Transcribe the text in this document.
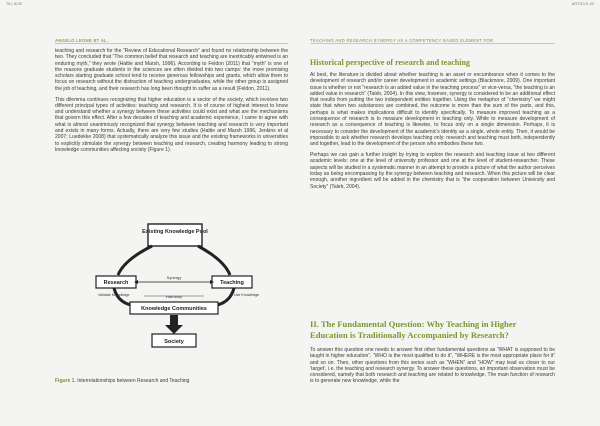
78 | IEJE	ARTICLE #2
ANGELO LEONE ET AL.	TEACHING AND RESEARCH SYNERGY AS A COMPETENCY BASED ELEMENT FOR

teaching and research for the “Review of Educational Research” and found no relationship between the two. They concluded that “The common belief that research and teaching are inextricably entwined is an enduring myth,” they wrote (Hattie and Marsh, 1996). According to Feldon (2011) that “myth” is one of the reasons graduate students in the sciences are often divided into two camps: the more promising scholars starting graduate school tend to receive generous fellowships and grants, which allow them to focus on research without the distraction of teaching undergraduates, while the other group is assigned the job of teaching, and their research has long been thought to suffer as a result (Feldon, 2011).

This dilemma continues recognizing that higher education is a sector of the society, which involves two different principal types of activities: teaching and research. It is of course of highest interest to know and understand whether a synergy between these activities could exist and what are the mechanisms that govern this effect. After a few decades of teaching and academic experience, I came to agree with what is almost unanimously recognized that synergy between teaching and research is very important and exists in many forms. Actually, there are very few studies (Hattie and Marsh 1996, Jenkins et al 2007; Luedekke 2008) that systematically analyze this issue and the existing frameworks in universities to explicitly stimulate the synergy between teaching and research, creating harmony leading to strong knowledge communities affecting society (Figure 1).

Existing Knowledge Pool
Research	Teaching
Synergy
Validate Knowledge	Use Knowledge
Harmony
Knowledge Communities
Society
Figure 1. Interrelationships between Research and Teaching
Historical perspective of research and teaching

At best, the literature is divided about whether teaching is an asset or encumbrance when it comes to the development of research and/or career development in academic settings (Blackmore, 2009). One important issue is whether or not “research is an added value in the teaching process” or vice-versa, “the teaching is an added value in research” (Taleb, 2004). In this view, however, synergy is considered to be an additional effect that results from putting the two independent entities together. Using the metaphor of “chemistry” we might state that when two substances are combined, the outcome is more than the sum of the parts, and this, perhaps is what makes implications difficult to identify specifically. To measure improved teaching as a consequence of research is to measure development in teaching only. While to measure development of research as a consequence of teaching is likewise, to focus only on a single dimension. Perhaps, it is necessary to consider the development of the academic’s identity as a single, whole entity. Then, it would be impossible to ask whether research develops teaching only: research and teaching must both, independently and together, lead to the development of the person who embodies these two.

Perhaps we can gain a further insight by trying to explore the research and teaching issue at two different academic levels: one at the level of university professor and one at the level of student-researcher. These aspects will be studied in a systematic manner in an attempt to provide a picture of what the author perceives today as being encompassing by the synergy between teaching and research. When this picture will be clear enough, another ingredient will be added in the chemistry that is “the cooperation between University and Society” (Taleb, 2004).

II. The Fundamental Question: Why Teaching in Higher Education is Traditionally Accompanied by Research?

To answer this question one needs to answer first other fundamental questions as “WHAT is supposed to be taught in higher education”, “WHO is the most qualified to do it”, “WHERE is the most appropriate place for it” and so on. Then, other questions from this series such as “WHEN” and “HOW” may lead us closer to our ‘target’, i.e. the teaching and research synergy. To answer these questions, an important observation must be considered, namely that both research and teaching are related to knowledge. The main function of research is to generate new knowledge, while the
